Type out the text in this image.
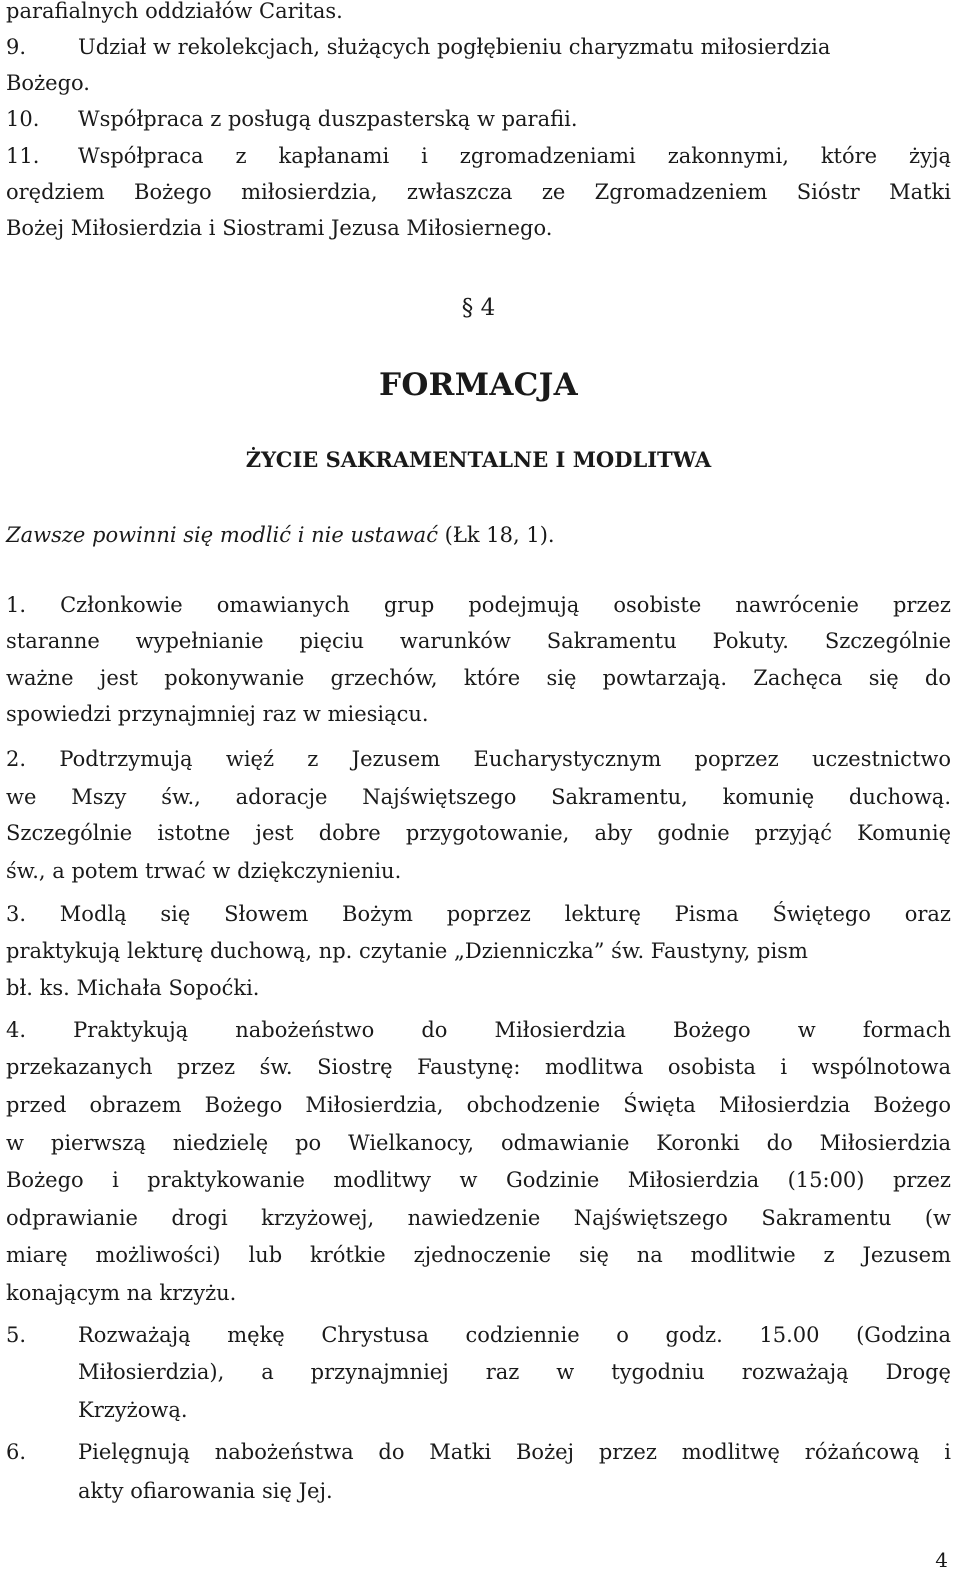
parafialnych oddziałów Caritas.
9. Udział w rekolekcjach, służących pogłębieniu charyzmatu miłosierdzia
Bożego.
10. Współpraca z posługą duszpasterską w parafii.
11. Współpraca z kapłanami i zgromadzeniami zakonnymi, które żyją
orędziem Bożego miłosierdzia, zwłaszcza ze Zgromadzeniem Sióstr Matki
Bożej Miłosierdzia i Siostrami Jezusa Miłosiernego.
§ 4
FORMACJA
ŻYCIE SAKRAMENTALNE I MODLITWA
Zawsze powinni się modlić i nie ustawać (Łk 18, 1).
1. Członkowie omawianych grup podejmują osobiste nawrócenie przez
staranne wypełnianie pięciu warunków Sakramentu Pokuty. Szczególnie
ważne jest pokonywanie grzechów, które się powtarzają. Zachęca się do
spowiedzi przynajmniej raz w miesiącu.
2. Podtrzymują więź z Jezusem Eucharystycznym poprzez uczestnictwo
we Mszy św., adoracje Najświętszego Sakramentu, komunię duchową.
Szczególnie istotne jest dobre przygotowanie, aby godnie przyjąć Komunię
św., a potem trwać w dziękczynieniu.
3. Modlą się Słowem Bożym poprzez lekturę Pisma Świętego oraz
praktykują lekturę duchową, np. czytanie „Dzienniczka” św. Faustyny, pism
bł. ks. Michała Sopoćki.
4. Praktykują nabożeństwo do Miłosierdzia Bożego w formach
przekazanych przez św. Siostrę Faustynę: modlitwa osobista i wspólnotowa
przed obrazem Bożego Miłosierdzia, obchodzenie Święta Miłosierdzia Bożego
w pierwszą niedzielę po Wielkanocy, odmawianie Koronki do Miłosierdzia
Bożego i praktykowanie modlitwy w Godzinie Miłosierdzia (15:00) przez
odprawianie drogi krzyżowej, nawiedzenie Najświętszego Sakramentu (w
miarę możliwości) lub krótkie zjednoczenie się na modlitwie z Jezusem
konającym na krzyżu.
5. Rozważają mękę Chrystusa codziennie o godz. 15.00 (Godzina
Miłosierdzia), a przynajmniej raz w tygodniu rozważają Drogę
Krzyżową.
6. Pielęgnują nabożeństwa do Matki Bożej przez modlitwę różańcową i
akty ofiarowania się Jej.
4
